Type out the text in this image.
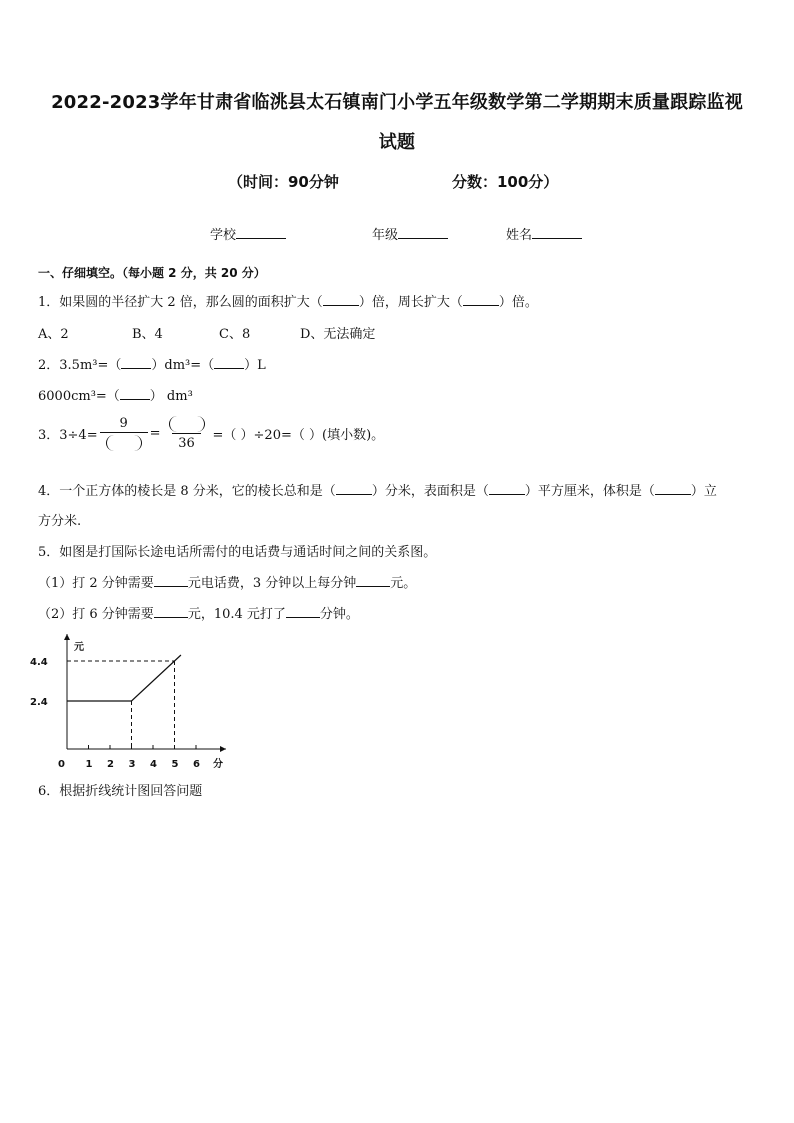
2022-2023学年甘肃省临洮县太石镇南门小学五年级数学第二学期期末质量跟踪监视
试题
（时间：90分钟	分数：100分）
学校	年级	姓名
一、仔细填空。（每小题 2 分，共 20 分）
1．如果圆的半径扩大 2 倍，那么圆的面积扩大（	）倍，周长扩大（	）倍。
A、2	B、4	C、8	D、无法确定
2．3.5m³=（ ）dm³=（ ）L
6000cm³=（ ） dm³
3．3÷4=
9
=
36
=（ ）÷20=（ ）(填小数)。
4．一个正方体的棱长是 8 分米，它的棱长总和是（	）分米，表面积是（	）平方厘米，体积是（	）立
方分米.
5．如图是打国际长途电话所需付的电话费与通话时间之间的关系图。
（1）打 2 分钟需要	元电话费，3 分钟以上每分钟	元。
（2）打 6 分钟需要	元，10.4 元打了	分钟。
元
分
0 1 2 3 4 5 6
2.4
4.4
6．根据折线统计图回答问题
